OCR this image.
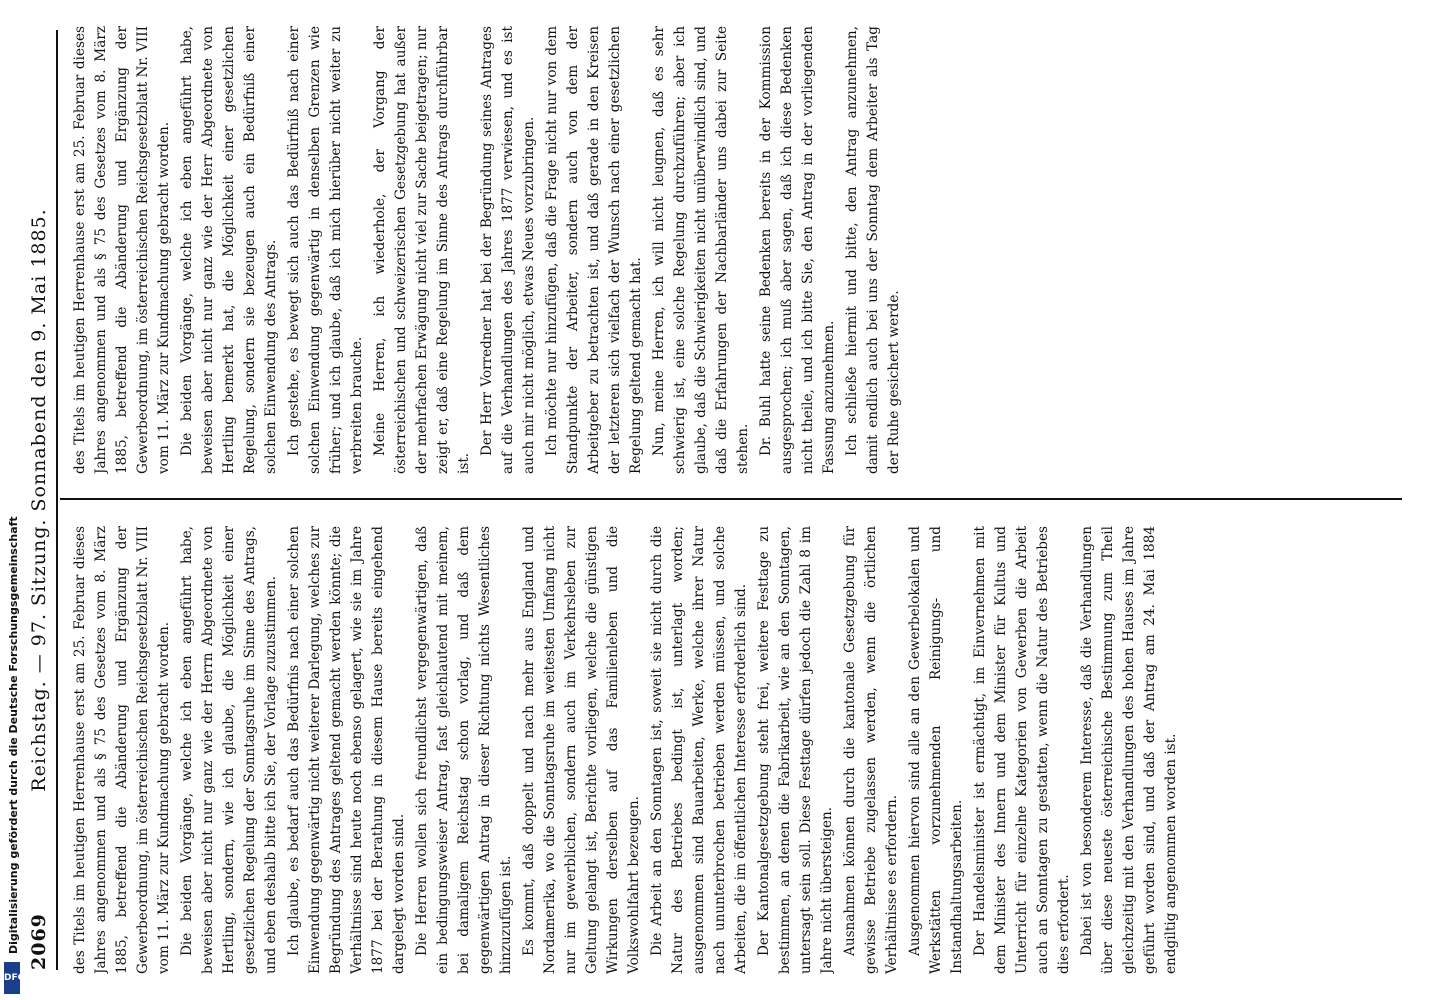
2069
Reichstag. — 97. Sitzung. Sonnabend den 9. Mai 1885. des Titels im heutigen Herrenhause erst am 25. Februar dieses Jahres angenommen und als § 75 des Gesetzes vom 8. März 1885, betreffend die Abänderung und Ergänzung der Gewerbeordnung, im österreichischen Reichsgesetzblatt Nr. VIII vom 11. März zur Kundmachung gebracht worden. Die beiden Vorgänge, welche ich eben angeführt habe, beweisen aber nicht nur ganz wie der Herrn Abgeordnete von Hertling, sondern, wie ich glaube, die Möglichkeit einer gesetzlichen Regelung der Sonntagsruhe im Sinne des Antrags, und eben deshalb bitte ich Sie, der Vorlage zuzustimmen. Ich glaube, es bedarf auch das Bedürfnis nach einer solchen Einwendung gegenwärtig nicht weiterer Darlegung, welches zur Begründung des Antrages geltend gemacht werden könnte; die Verhältnisse sind heute noch ebenso gelagert, wie sie im Jahre 1877 bei der Berathung in diesem Hause bereits eingehend dargelegt worden sind. Die Herren wollen sich freundlichst vergegenwärtigen, daß ein bedingungsweiser Antrag, fast gleichlautend mit meinem, bei damaligem Reichstag schon vorlag, und daß dem gegenwärtigen Antrag in dieser Richtung nichts Wesentliches hinzuzufügen ist. Es kommt, daß doppelt und nach mehr aus England und Nordamerika, wo die Sonntagsruhe im weitesten Umfang nicht nur im gewerblichen, sondern auch im Verkehrsleben zur Geltung gelangt ist, Berichte vorliegen, welche die günstigen Wirkungen derselben auf das Familienleben und die Volkswohlfahrt bezeugen. Die Arbeit an den Sonntagen ist, soweit sie nicht durch die Natur des Betriebes bedingt ist, unterlagt worden; ausgenommen sind Bauarbeiten, Werke, welche ihrer Natur nach ununterbrochen betrieben werden müssen, und solche Arbeiten, die im öffentlichen Interesse erforderlich sind. Der Kantonalgesetzgebung steht frei, weitere Festtage zu bestimmen, an denen die Fabrikarbeit, wie an den Sonntagen, untersagt sein soll. Diese Festtage dürfen jedoch die Zahl 8 im Jahre nicht übersteigen. Ausnahmen können durch die kantonale Gesetzgebung für gewisse Betriebe zugelassen werden, wenn die örtlichen Verhältnisse es erfordern. Ausgenommen hiervon sind alle an den Gewerbelokalen und Werkstätten vorzunehmenden Reinigungs- und Instandhaltungsarbeiten. Der Handelsminister ist ermächtigt, im Einvernehmen mit dem Minister des Innern und dem Minister für Kultus und Unterricht für einzelne Kategorien von Gewerben die Arbeit auch an Sonntagen zu gestatten, wenn die Natur des Betriebes dies erfordert. Dabei ist von besonderem Interesse, daß die Verhandlungen über diese neueste österreichische Bestimmung zum Theil gleichzeitig mit den Verhandlungen des hohen Hauses im Jahre geführt worden sind, und daß der Antrag am 24. Mai 1884 endgiltig angenommen worden ist.

des Titels im heutigen Herrenhause erst am 25. Februar dieses Jahres angenommen und als § 75 des Gesetzes vom 8. März 1885, betreffend die Abänderung und Ergänzung der Gewerbeordnung, im österreichischen Reichsgesetzblatt Nr. VIII vom 11. März zur Kundmachung gebracht worden. Die beiden Vorgänge, welche ich eben angeführt habe, beweisen aber nicht nur ganz wie der Herr Abgeordnete von Hertling bemerkt hat, die Möglichkeit einer gesetzlichen Regelung, sondern sie bezeugen auch ein Bedürfniß einer solchen Einwendung des Antrags. Ich gestehe, es bewegt sich auch das Bedürfniß nach einer solchen Einwendung gegenwärtig in denselben Grenzen wie früher; und ich glaube, daß ich mich hierüber nicht weiter zu verbreiten brauche. Meine Herren, ich wiederhole, der Vorgang der österreichischen und schweizerischen Gesetzgebung hat außer der mehrfachen Erwägung nicht viel zur Sache beigetragen; nur zeigt er, daß eine Regelung im Sinne des Antrags durchführbar ist.

Der Herr Vorredner hat bei der Begründung seines Antrages auf die Verhandlungen des Jahres 1877 verwiesen, und es ist auch mir nicht möglich, etwas Neues vorzubringen. Ich möchte nur hinzufügen, daß die Frage nicht nur von dem Standpunkte der Arbeiter, sondern auch von dem der Arbeitgeber zu betrachten ist, und daß gerade in den Kreisen der letzteren sich vielfach der Wunsch nach einer gesetzlichen Regelung geltend gemacht hat. Nun, meine Herren, ich will nicht leugnen, daß es sehr schwierig ist, eine solche Regelung durchzuführen; aber ich glaube, daß die Schwierigkeiten nicht unüberwindlich sind, und daß die Erfahrungen der Nachbarländer uns dabei zur Seite stehen. Dr. Buhl hatte seine Bedenken bereits in der Kommission ausgesprochen; ich muß aber sagen, daß ich diese Bedenken nicht theile, und ich bitte Sie, den Antrag in der vorliegenden Fassung anzunehmen. Ich schließe hiermit und bitte, den Antrag anzunehmen, damit endlich auch bei uns der Sonntag dem Arbeiter als Tag der Ruhe gesichert werde.

Digitalisierung gefördert durch die Deutsche Forschungsgemeinschaft
DFG
